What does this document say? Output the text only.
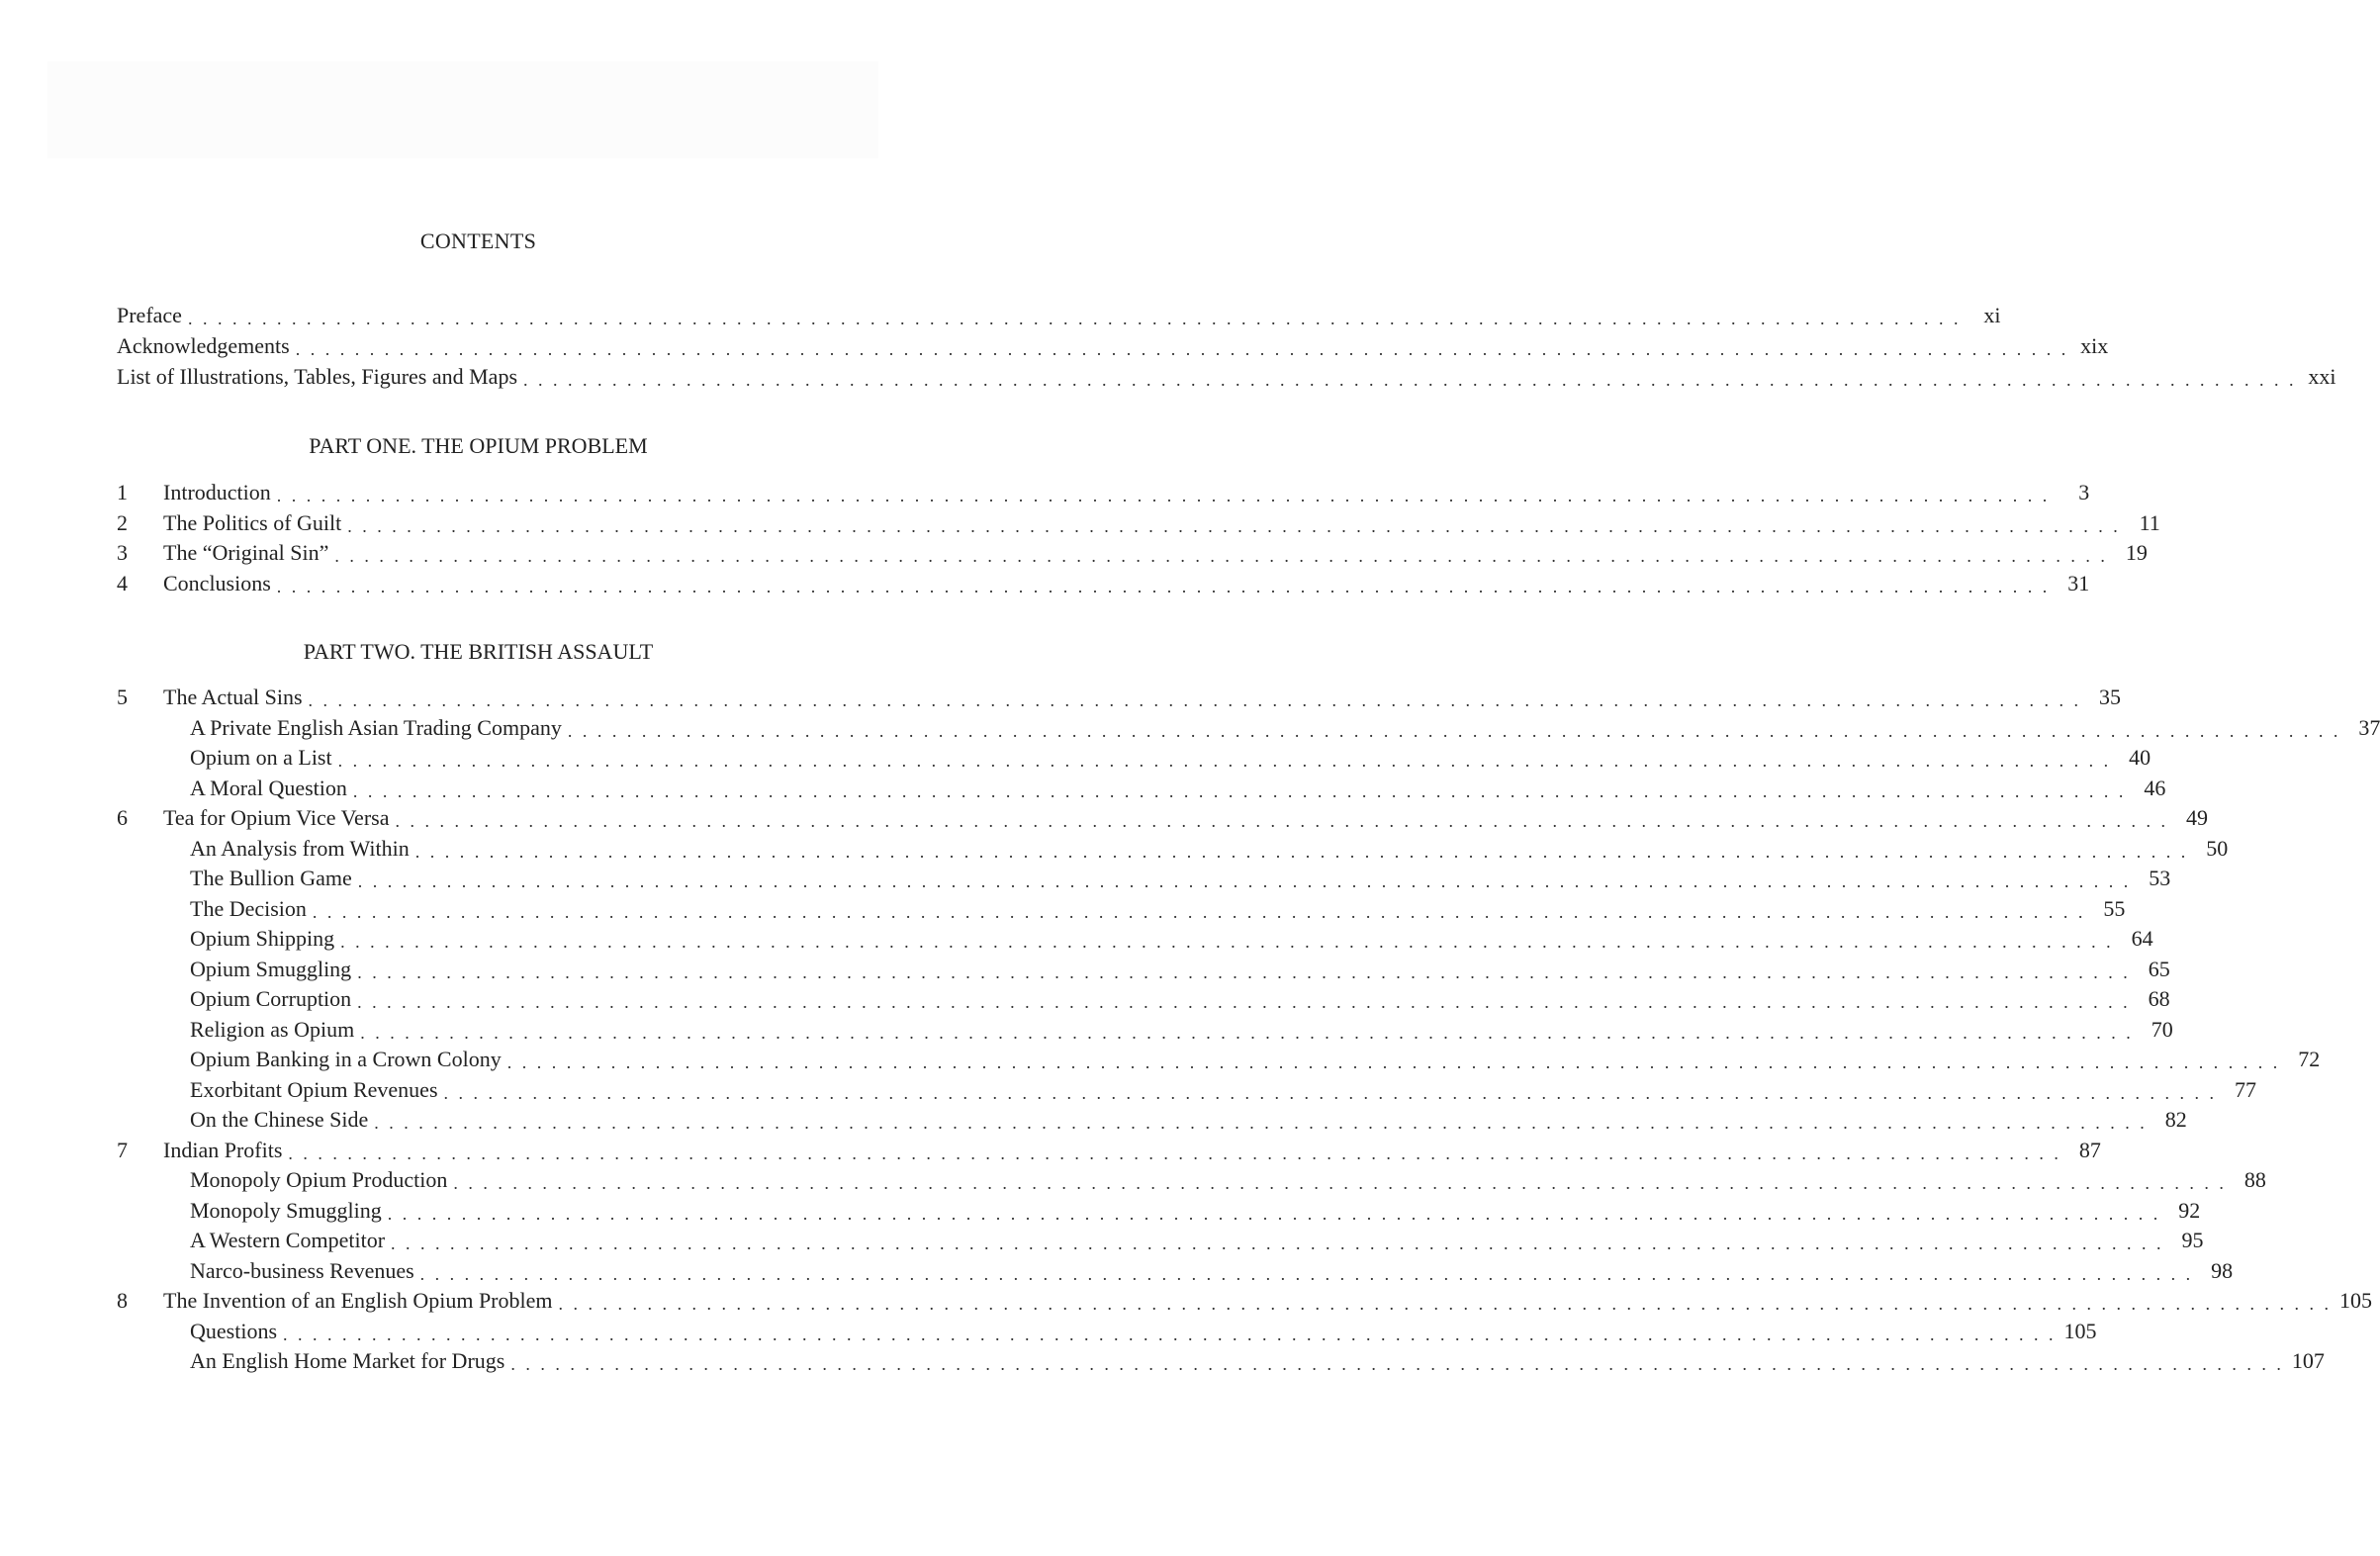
CONTENTS
Preface . . . . . . . . . . . . . . . . . . . . . . . . . . . . . . . . . . . . . . . . . . . . . . . . . . . . . . . . . . . . . . . . . . . . . . . . . . . . . . . . . . . . . . . . . . . . . . . . . . . . . . . . . . . . . . . . . . . . . . . .	xi
Acknowledgements . . . . . . . . . . . . . . . . . . . . . . . . . . . . . . . . . . . . . . . . . . . . . . . . . . . . . . . . . . . . . . . . . . . . . . . . . . . . . . . . . . . . . . . . . . . . . . . . . . . . . . . . . . . . . . . . . . . . . . . . xix
List of Illustrations, Tables, Figures and Maps . . . . . . . . . . . . . . . . . . . . . . . . . . . . . . . . . . . . . . . . . . . . . . . . . . . . . . . . . . . . . . . . . . . . . . . . . . . . . . . . . . . . . . . . . . . . . . . . . . . . . . . . . . . . . . . . . . . . . . . . xxi
PART ONE. THE OPIUM PROBLEM
1	Introduction . . . . . . . . . . . . . . . . . . . . . . . . . . . . . . . . . . . . . . . . . . . . . . . . . . . . . . . . . . . . . . . . . . . . . . . . . . . . . . . . . . . . . . . . . . . . . . . . . . . . . . . . . . . . . . . . . . . . . . . .	3
2	The Politics of Guilt . . . . . . . . . . . . . . . . . . . . . . . . . . . . . . . . . . . . . . . . . . . . . . . . . . . . . . . . . . . . . . . . . . . . . . . . . . . . . . . . . . . . . . . . . . . . . . . . . . . . . . . . . . . . . . . . . . . . . . . . 11
3	The “Original Sin” . . . . . . . . . . . . . . . . . . . . . . . . . . . . . . . . . . . . . . . . . . . . . . . . . . . . . . . . . . . . . . . . . . . . . . . . . . . . . . . . . . . . . . . . . . . . . . . . . . . . . . . . . . . . . . . . . . . . . . . . 19
4	Conclusions . . . . . . . . . . . . . . . . . . . . . . . . . . . . . . . . . . . . . . . . . . . . . . . . . . . . . . . . . . . . . . . . . . . . . . . . . . . . . . . . . . . . . . . . . . . . . . . . . . . . . . . . . . . . . . . . . . . . . . . . 31
PART TWO. THE BRITISH ASSAULT
5	The Actual Sins . . . . . . . . . . . . . . . . . . . . . . . . . . . . . . . . . . . . . . . . . . . . . . . . . . . . . . . . . . . . . . . . . . . . . . . . . . . . . . . . . . . . . . . . . . . . . . . . . . . . . . . . . . . . . . . . . . . . . . . . 35
A Private English Asian Trading Company . . . . . . . . . . . . . . . . . . . . . . . . . . . . . . . . . . . . . . . . . . . . . . . . . . . . . . . . . . . . . . . . . . . . . . . . . . . . . . . . . . . . . . . . . . . . . . . . . . . . . . . . . . . . . . . . . . . . . . . . 37
Opium on a List . . . . . . . . . . . . . . . . . . . . . . . . . . . . . . . . . . . . . . . . . . . . . . . . . . . . . . . . . . . . . . . . . . . . . . . . . . . . . . . . . . . . . . . . . . . . . . . . . . . . . . . . . . . . . . . . . . . . . . . . 40
A Moral Question . . . . . . . . . . . . . . . . . . . . . . . . . . . . . . . . . . . . . . . . . . . . . . . . . . . . . . . . . . . . . . . . . . . . . . . . . . . . . . . . . . . . . . . . . . . . . . . . . . . . . . . . . . . . . . . . . . . . . . . . 46
6	Tea for Opium Vice Versa . . . . . . . . . . . . . . . . . . . . . . . . . . . . . . . . . . . . . . . . . . . . . . . . . . . . . . . . . . . . . . . . . . . . . . . . . . . . . . . . . . . . . . . . . . . . . . . . . . . . . . . . . . . . . . . . . . . . . . . . 49
An Analysis from Within . . . . . . . . . . . . . . . . . . . . . . . . . . . . . . . . . . . . . . . . . . . . . . . . . . . . . . . . . . . . . . . . . . . . . . . . . . . . . . . . . . . . . . . . . . . . . . . . . . . . . . . . . . . . . . . . . . . . . . . . 50
The Bullion Game . . . . . . . . . . . . . . . . . . . . . . . . . . . . . . . . . . . . . . . . . . . . . . . . . . . . . . . . . . . . . . . . . . . . . . . . . . . . . . . . . . . . . . . . . . . . . . . . . . . . . . . . . . . . . . . . . . . . . . . . 53
The Decision . . . . . . . . . . . . . . . . . . . . . . . . . . . . . . . . . . . . . . . . . . . . . . . . . . . . . . . . . . . . . . . . . . . . . . . . . . . . . . . . . . . . . . . . . . . . . . . . . . . . . . . . . . . . . . . . . . . . . . . . 55
Opium Shipping . . . . . . . . . . . . . . . . . . . . . . . . . . . . . . . . . . . . . . . . . . . . . . . . . . . . . . . . . . . . . . . . . . . . . . . . . . . . . . . . . . . . . . . . . . . . . . . . . . . . . . . . . . . . . . . . . . . . . . . . 64
Opium Smuggling . . . . . . . . . . . . . . . . . . . . . . . . . . . . . . . . . . . . . . . . . . . . . . . . . . . . . . . . . . . . . . . . . . . . . . . . . . . . . . . . . . . . . . . . . . . . . . . . . . . . . . . . . . . . . . . . . . . . . . . . 65
Opium Corruption . . . . . . . . . . . . . . . . . . . . . . . . . . . . . . . . . . . . . . . . . . . . . . . . . . . . . . . . . . . . . . . . . . . . . . . . . . . . . . . . . . . . . . . . . . . . . . . . . . . . . . . . . . . . . . . . . . . . . . . . 68
Religion as Opium . . . . . . . . . . . . . . . . . . . . . . . . . . . . . . . . . . . . . . . . . . . . . . . . . . . . . . . . . . . . . . . . . . . . . . . . . . . . . . . . . . . . . . . . . . . . . . . . . . . . . . . . . . . . . . . . . . . . . . . . 70
Opium Banking in a Crown Colony . . . . . . . . . . . . . . . . . . . . . . . . . . . . . . . . . . . . . . . . . . . . . . . . . . . . . . . . . . . . . . . . . . . . . . . . . . . . . . . . . . . . . . . . . . . . . . . . . . . . . . . . . . . . . . . . . . . . . . . . 72
Exorbitant Opium Revenues . . . . . . . . . . . . . . . . . . . . . . . . . . . . . . . . . . . . . . . . . . . . . . . . . . . . . . . . . . . . . . . . . . . . . . . . . . . . . . . . . . . . . . . . . . . . . . . . . . . . . . . . . . . . . . . . . . . . . . . . 77
On the Chinese Side . . . . . . . . . . . . . . . . . . . . . . . . . . . . . . . . . . . . . . . . . . . . . . . . . . . . . . . . . . . . . . . . . . . . . . . . . . . . . . . . . . . . . . . . . . . . . . . . . . . . . . . . . . . . . . . . . . . . . . . . 82
7	Indian Profits . . . . . . . . . . . . . . . . . . . . . . . . . . . . . . . . . . . . . . . . . . . . . . . . . . . . . . . . . . . . . . . . . . . . . . . . . . . . . . . . . . . . . . . . . . . . . . . . . . . . . . . . . . . . . . . . . . . . . . . . 87
Monopoly Opium Production . . . . . . . . . . . . . . . . . . . . . . . . . . . . . . . . . . . . . . . . . . . . . . . . . . . . . . . . . . . . . . . . . . . . . . . . . . . . . . . . . . . . . . . . . . . . . . . . . . . . . . . . . . . . . . . . . . . . . . . . 88
Monopoly Smuggling . . . . . . . . . . . . . . . . . . . . . . . . . . . . . . . . . . . . . . . . . . . . . . . . . . . . . . . . . . . . . . . . . . . . . . . . . . . . . . . . . . . . . . . . . . . . . . . . . . . . . . . . . . . . . . . . . . . . . . . . 92
A Western Competitor . . . . . . . . . . . . . . . . . . . . . . . . . . . . . . . . . . . . . . . . . . . . . . . . . . . . . . . . . . . . . . . . . . . . . . . . . . . . . . . . . . . . . . . . . . . . . . . . . . . . . . . . . . . . . . . . . . . . . . . . 95
Narco-business Revenues . . . . . . . . . . . . . . . . . . . . . . . . . . . . . . . . . . . . . . . . . . . . . . . . . . . . . . . . . . . . . . . . . . . . . . . . . . . . . . . . . . . . . . . . . . . . . . . . . . . . . . . . . . . . . . . . . . . . . . . . 98
8	The Invention of an English Opium Problem . . . . . . . . . . . . . . . . . . . . . . . . . . . . . . . . . . . . . . . . . . . . . . . . . . . . . . . . . . . . . . . . . . . . . . . . . . . . . . . . . . . . . . . . . . . . . . . . . . . . . . . . . . . . . . . . . . . . . . . . 105
Questions . . . . . . . . . . . . . . . . . . . . . . . . . . . . . . . . . . . . . . . . . . . . . . . . . . . . . . . . . . . . . . . . . . . . . . . . . . . . . . . . . . . . . . . . . . . . . . . . . . . . . . . . . . . . . . . . . . . . . . . . 105
An English Home Market for Drugs . . . . . . . . . . . . . . . . . . . . . . . . . . . . . . . . . . . . . . . . . . . . . . . . . . . . . . . . . . . . . . . . . . . . . . . . . . . . . . . . . . . . . . . . . . . . . . . . . . . . . . . . . . . . . . . . . . . . . . . . 107
